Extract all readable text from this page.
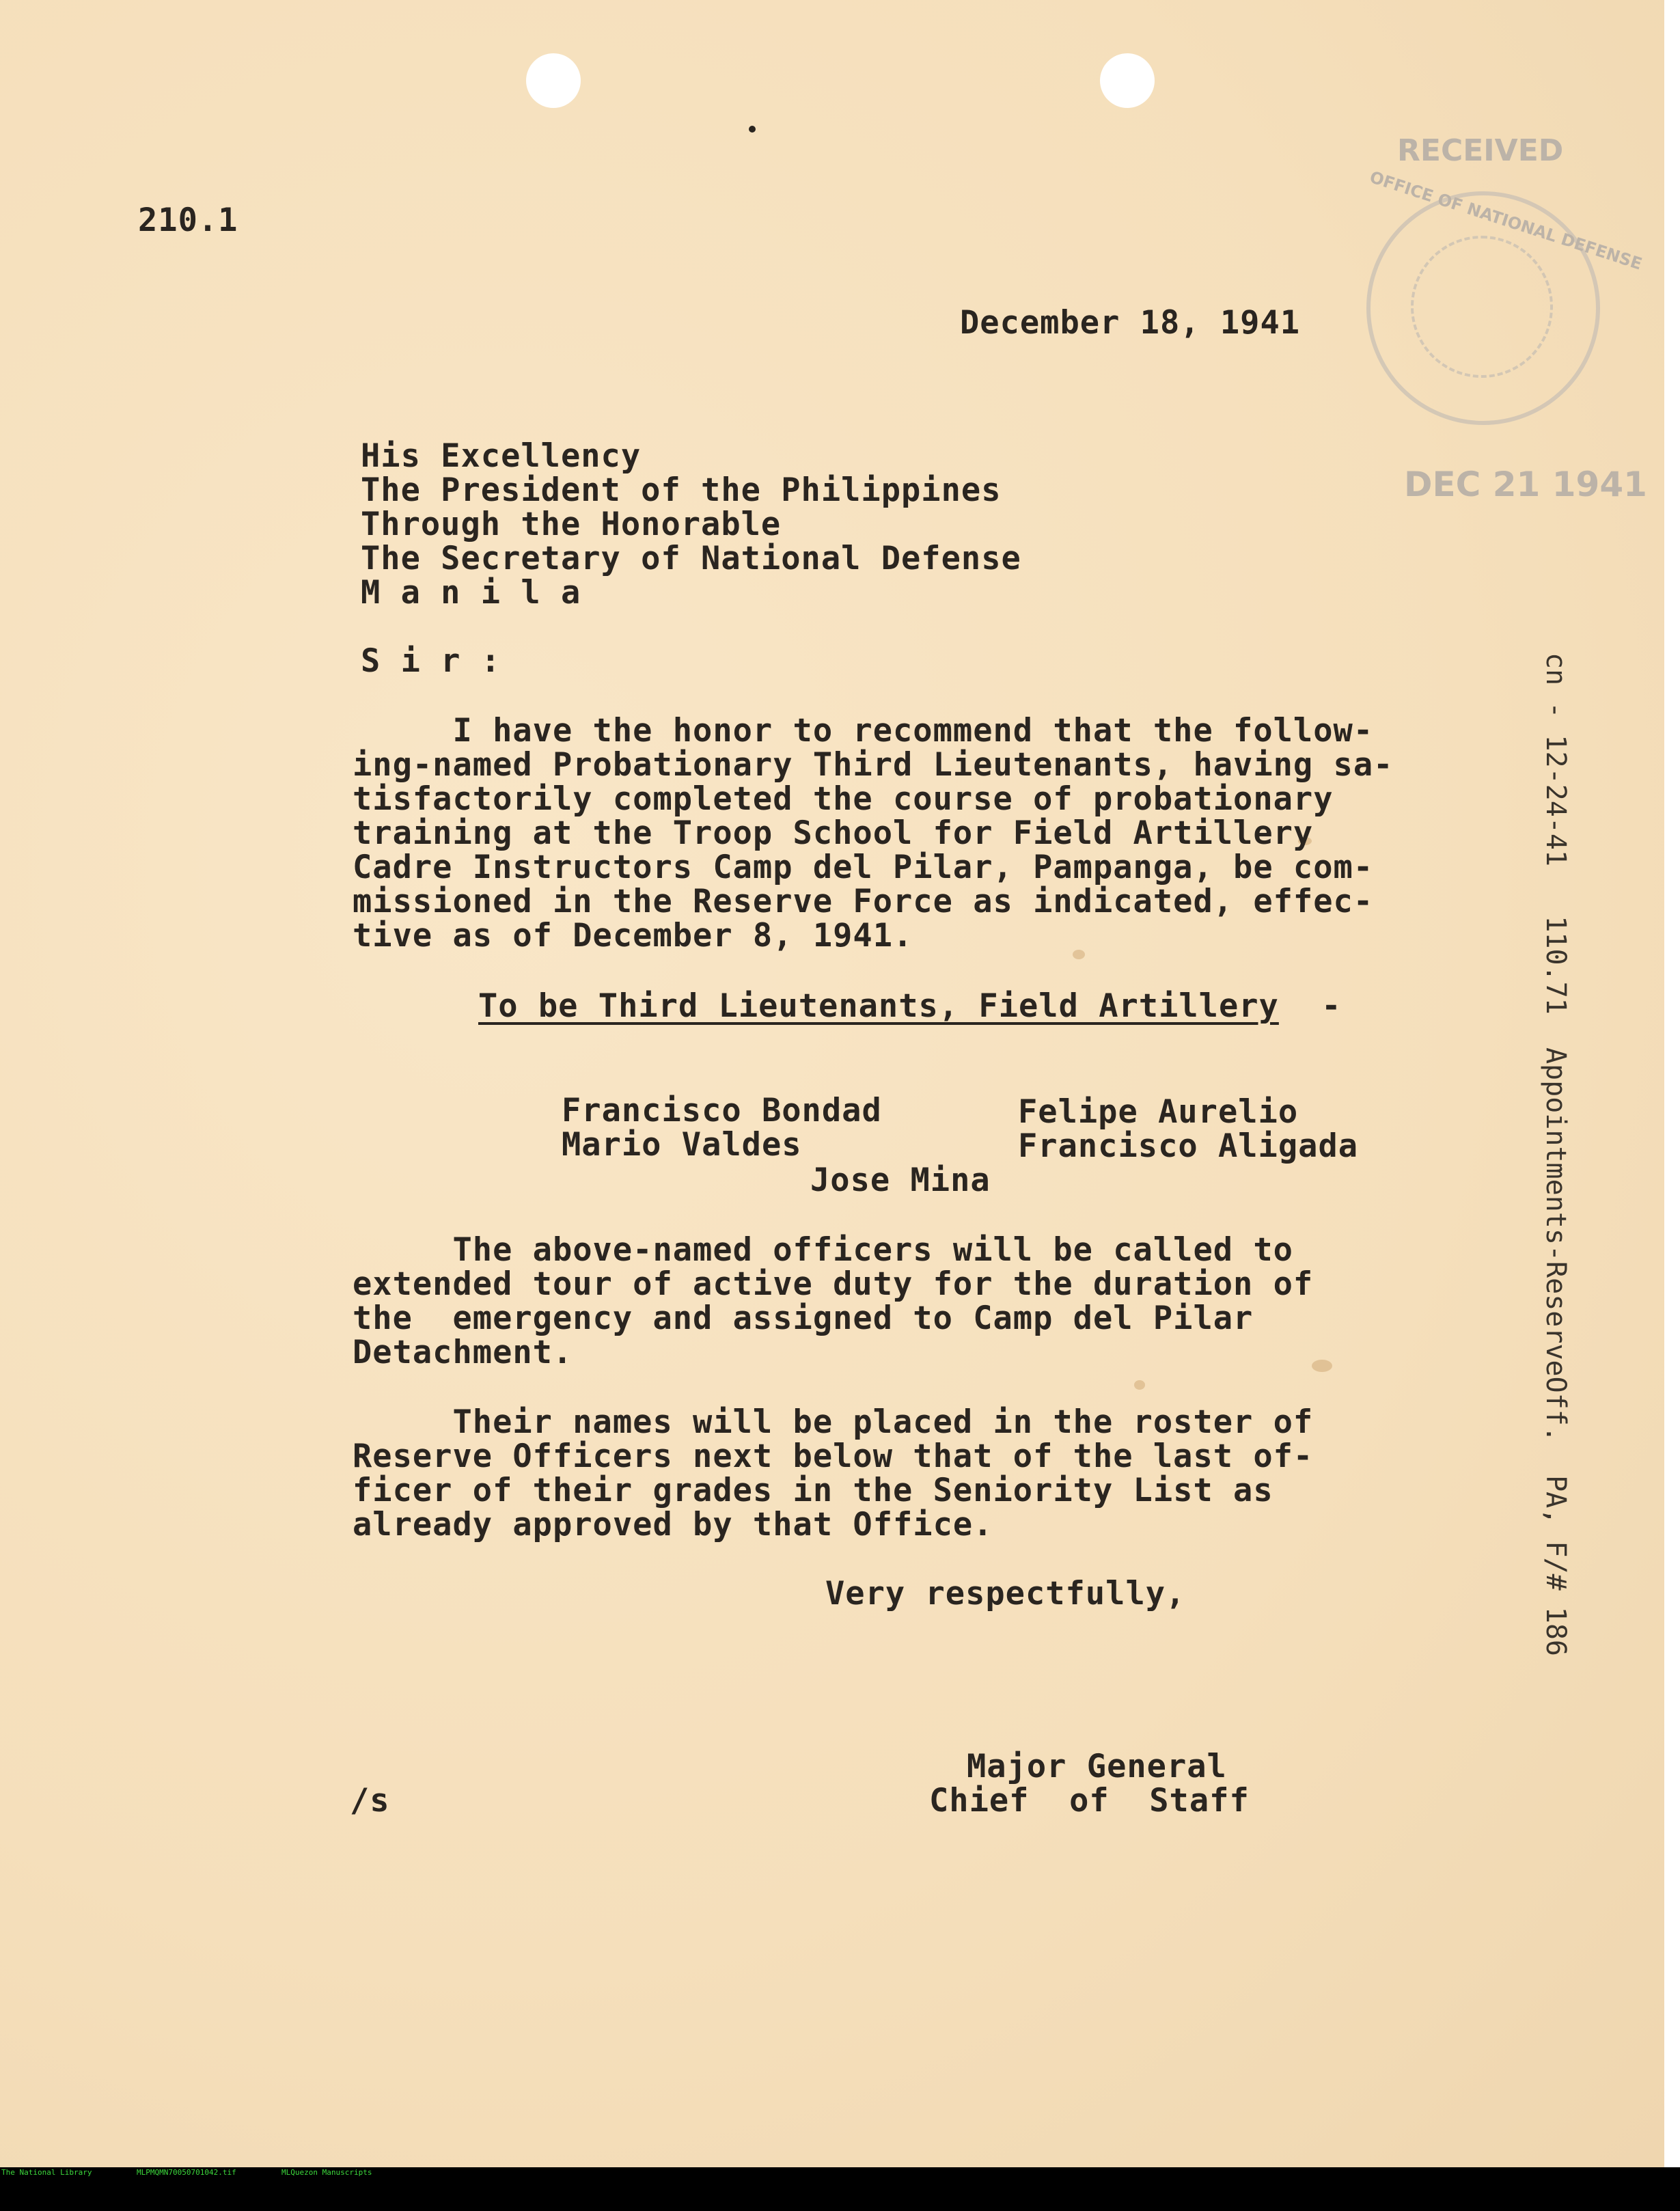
RECEIVED
OFFICE OF NATIONAL DEFENSE
DEC 21 1941
210.1
December 18, 1941
His Excellency
The President of the Philippines
Through the Honorable
The Secretary of National Defense
M a n i l a
S i r :
I have the honor to recommend that the follow-
ing-named Probationary Third Lieutenants, having sa-
tisfactorily completed the course of probationary
training at the Troop School for Field Artillery
Cadre Instructors Camp del Pilar, Pampanga, be com-
missioned in the Reserve Force as indicated, effec-
tive as of December 8, 1941.
To be Third Lieutenants, Field Artillery -
Francisco Bondad
Mario Valdes
Felipe Aurelio
Francisco Aligada
Jose Mina
The above-named officers will be called to
extended tour of active duty for the duration of
the  emergency and assigned to Camp del Pilar
Detachment.
Their names will be placed in the roster of
Reserve Officers next below that of the last of-
ficer of their grades in the Seniority List as
already approved by that Office.
Very respectfully,
Major General
Chief  of  Staff
/s
cn - 12-24-41   110.71  Appointments-ReserveOff.  PA, F/# 186

The National Library

	MLPMQMN70050701042.tif

	MLQuezon Manuscripts
